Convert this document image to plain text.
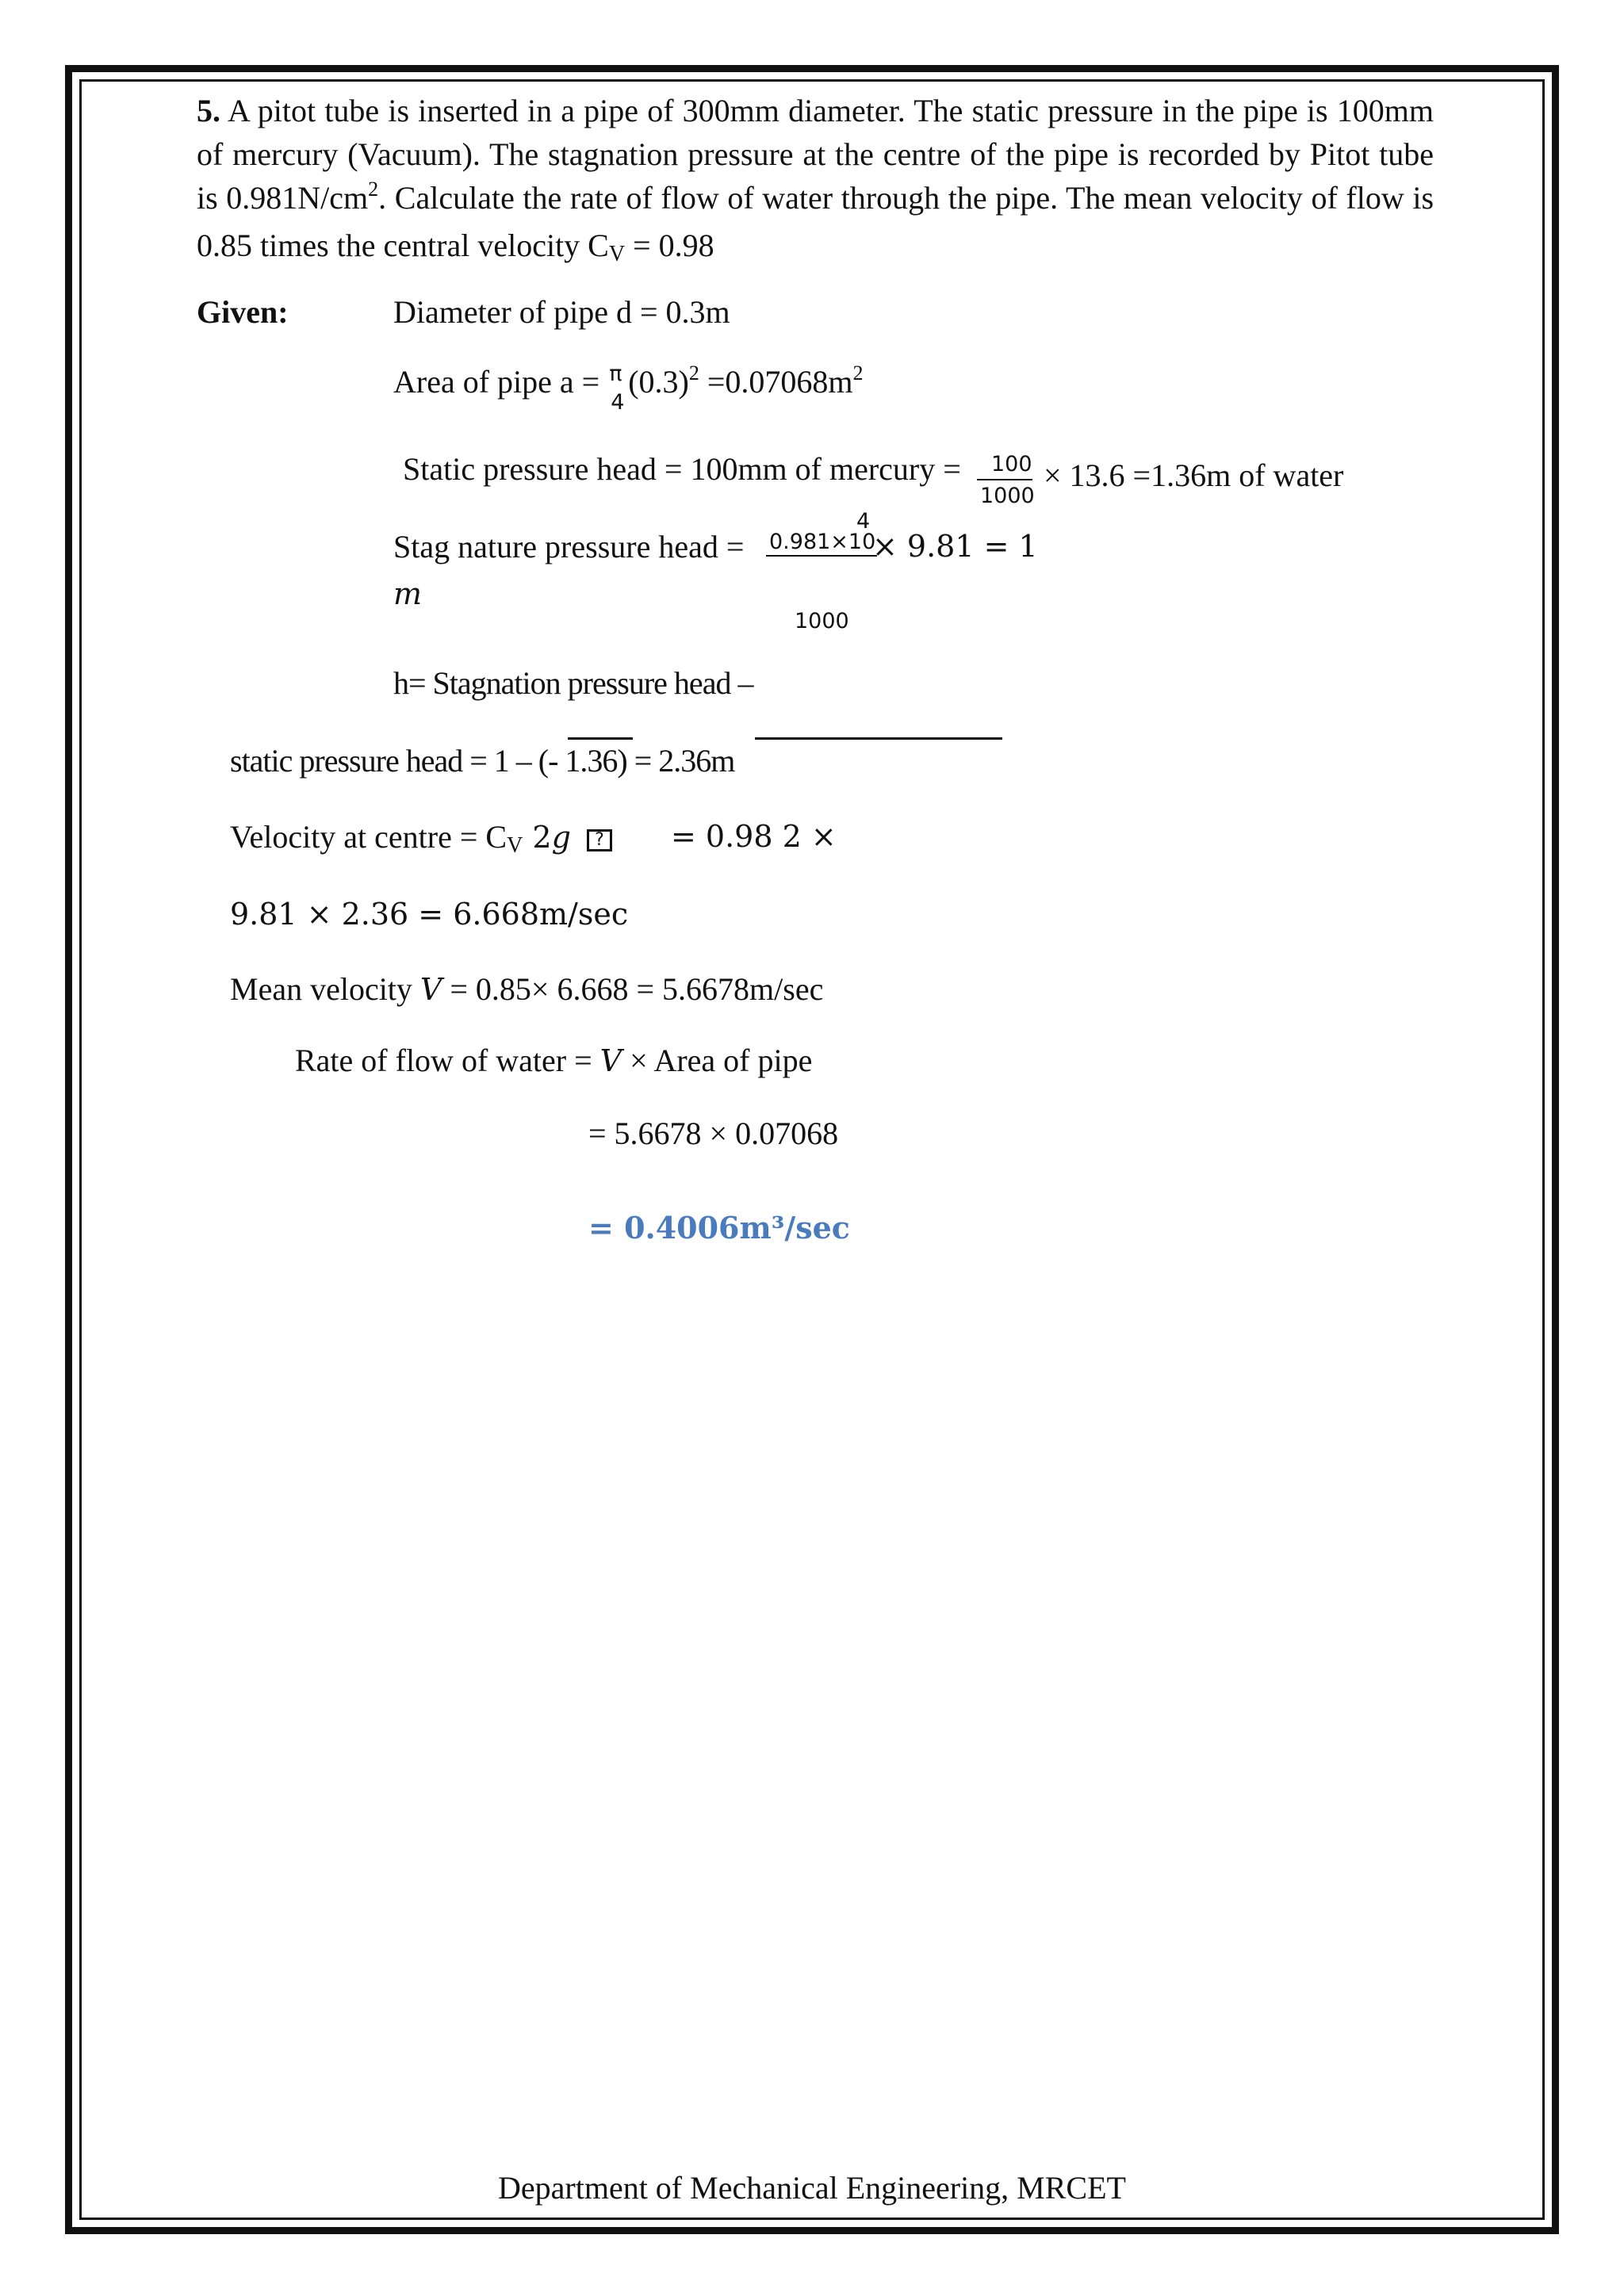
5. A pitot tube is inserted in a pipe of 300mm diameter. The static pressure in the pipe is 100mm of mercury (Vacuum). The stagnation pressure at the centre of the pipe is recorded by Pitot tube is $0.981N/cm^2$. Calculate the rate of flow of water through the pipe. The mean velocity of flow is 0.85 times the central velocity CV = 0.98
Given:	Diameter of pipe d = 0.3m
Area of pipe a = π
4
$(0.3)^2 =0.07068m^2$
Static pressure head = 100mm of mercury = 100
1000
× 13.6 =1.36m of water
4
Stag nature pressure head = 0.981×10
× 9.81 = 1
m
1000
h= Stagnation pressure head –
static pressure head = 1 – (- 1.36) = 2.36m
Velocity at centre = CV 2g ? = 0.98 2 ×
9.81 × 2.36 = 6.668m/sec
Mean velocity V = 0.85× 6.668 = 5.6678m/sec
Rate of flow of water = V × Area of pipe
= 5.6678 × 0.07068
= 0.4006m³/sec
Department of Mechanical Engineering, MRCET
